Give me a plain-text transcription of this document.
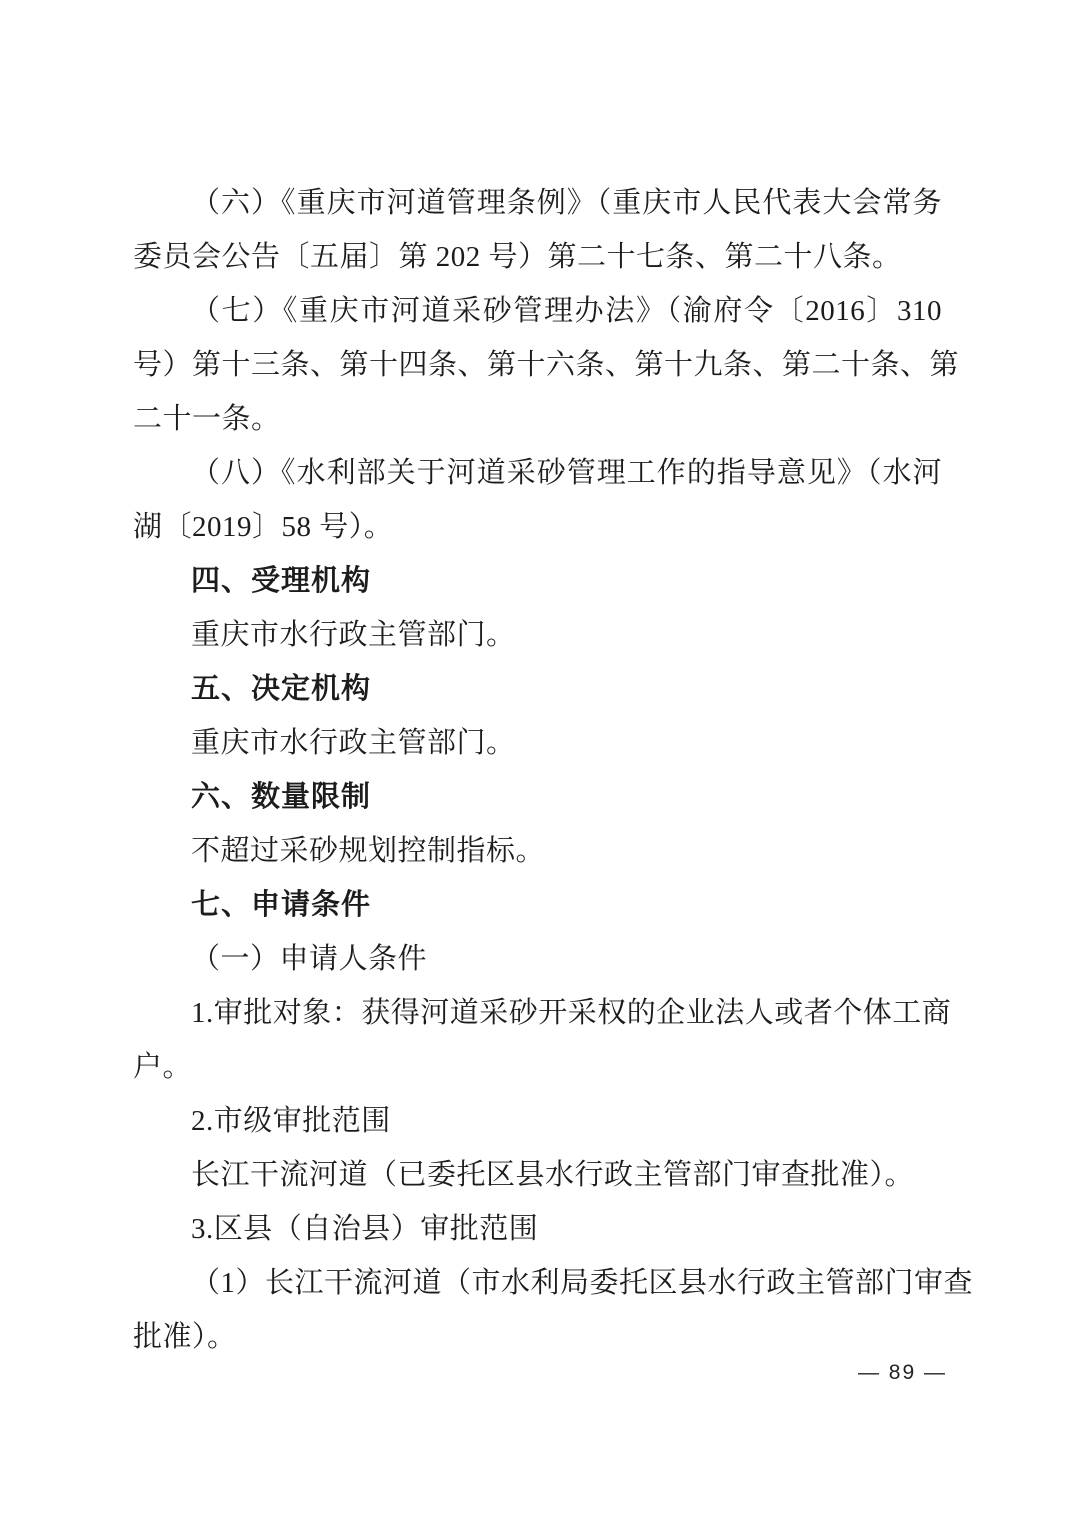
（六）《重庆市河道管理条例》（重庆市人民代表大会常务
委员会公告〔五届〕第 202 号）第二十七条、第二十八条。
（七）《重庆市河道采砂管理办法》（渝府令〔2016〕310
号）第十三条、第十四条、第十六条、第十九条、第二十条、第
二十一条。
（八）《水利部关于河道采砂管理工作的指导意见》（水河
湖〔2019〕58 号）。
四、受理机构
重庆市水行政主管部门。
五、决定机构
重庆市水行政主管部门。
六、数量限制
不超过采砂规划控制指标。
七、申请条件
（一）申请人条件
1.审批对象：获得河道采砂开采权的企业法人或者个体工商
户。
2.市级审批范围
长江干流河道（已委托区县水行政主管部门审查批准）。
3.区县（自治县）审批范围
（1）长江干流河道（市水利局委托区县水行政主管部门审查
批准）。
— 89 —
